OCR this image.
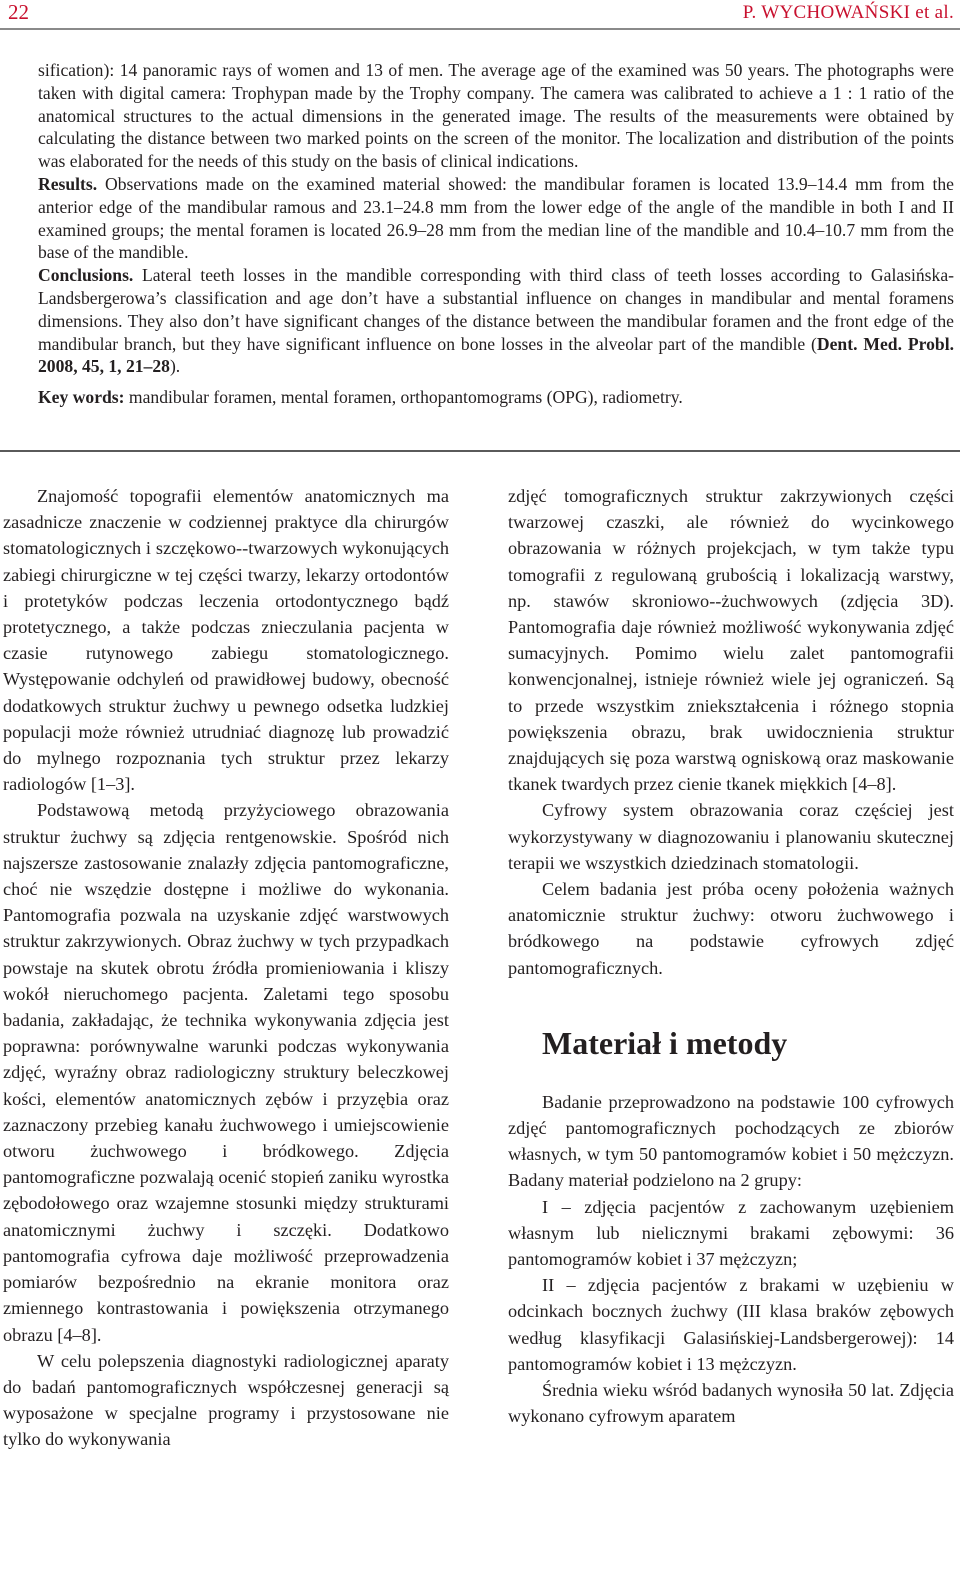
22	P. WYCHOWAŃSKI et al.

sification): 14 panoramic rays of women and 13 of men. The average age of the examined was 50 years. The photographs were taken with digital camera: Trophypan made by the Trophy company. The camera was calibrated to achieve a 1 : 1 ratio of the anatomical structures to the actual dimensions in the generated image. The results of the measurements were obtained by calculating the distance between two marked points on the screen of the monitor. The localization and distribution of the points was elaborated for the needs of this study on the basis of clinical indications.

Results. Observations made on the examined material showed: the mandibular foramen is located 13.9–14.4 mm from the anterior edge of the mandibular ramous and 23.1–24.8 mm from the lower edge of the angle of the mandible in both I and II examined groups; the mental foramen is located 26.9–28 mm from the median line of the mandible and 10.4–10.7 mm from the base of the mandible.

Conclusions. Lateral teeth losses in the mandible corresponding with third class of teeth losses according to Galasińska-Landsbergerowa’s classification and age don’t have a substantial influence on changes in mandibular and mental foramens dimensions. They also don’t have significant changes of the distance between the mandibular foramen and the front edge of the mandibular branch, but they have significant influence on bone losses in the alveolar part of the mandible (Dent. Med. Probl. 2008, 45, 1, 21–28).

Key words: mandibular foramen, mental foramen, orthopantomograms (OPG), radiometry.

Znajomość topografii elementów anatomicznych ma zasadnicze znaczenie w codziennej praktyce dla chirurgów stomatologicznych i szczękowo--twarzowych wykonujących zabiegi chirurgiczne w tej części twarzy, lekarzy ortodontów i protetyków podczas leczenia ortodontycznego bądź protetycznego, a także podczas znieczulania pacjenta w czasie rutynowego zabiegu stomatologicznego. Występowanie odchyleń od prawidłowej budowy, obecność dodatkowych struktur żuchwy u pewnego odsetka ludzkiej populacji może również utrudniać diagnozę lub prowadzić do mylnego rozpoznania tych struktur przez lekarzy radiologów [1–3].

Podstawową metodą przyżyciowego obrazowania struktur żuchwy są zdjęcia rentgenowskie. Spośród nich najszersze zastosowanie znalazły zdjęcia pantomograficzne, choć nie wszędzie dostępne i możliwe do wykonania. Pantomografia pozwala na uzyskanie zdjęć warstwowych struktur zakrzywionych. Obraz żuchwy w tych przypadkach powstaje na skutek obrotu źródła promieniowania i kliszy wokół nieruchomego pacjenta. Zaletami tego sposobu badania, zakładając, że technika wykonywania zdjęcia jest poprawna: porównywalne warunki podczas wykonywania zdjęć, wyraźny obraz radiologiczny struktury beleczkowej kości, elementów anatomicznych zębów i przyzębia oraz zaznaczony przebieg kanału żuchwowego i umiejscowienie otworu żuchwowego i bródkowego. Zdjęcia pantomograficzne pozwalają ocenić stopień zaniku wyrostka zębodołowego oraz wzajemne stosunki między strukturami anatomicznymi żuchwy i szczęki. Dodatkowo pantomografia cyfrowa daje możliwość przeprowadzenia pomiarów bezpośrednio na ekranie monitora oraz zmiennego kontrastowania i powiększenia otrzymanego obrazu [4–8].

W celu polepszenia diagnostyki radiologicznej aparaty do badań pantomograficznych współczesnej generacji są wyposażone w specjalne programy i przystosowane nie tylko do wykonywania

zdjęć tomograficznych struktur zakrzywionych części twarzowej czaszki, ale również do wycinkowego obrazowania w różnych projekcjach, w tym także typu tomografii z regulowaną grubością i lokalizacją warstwy, np. stawów skroniowo--żuchwowych (zdjęcia 3D). Pantomografia daje również możliwość wykonywania zdjęć sumacyjnych. Pomimo wielu zalet pantomografii konwencjonalnej, istnieje również wiele jej ograniczeń. Są to przede wszystkim zniekształcenia i różnego stopnia powiększenia obrazu, brak uwidocznienia struktur znajdujących się poza warstwą ogniskową oraz maskowanie tkanek twardych przez cienie tkanek miękkich [4–8].

Cyfrowy system obrazowania coraz częściej jest wykorzystywany w diagnozowaniu i planowaniu skutecznej terapii we wszystkich dziedzinach stomatologii.

Celem badania jest próba oceny położenia ważnych anatomicznie struktur żuchwy: otworu żuchwowego i bródkowego na podstawie cyfrowych zdjęć pantomograficznych.

Materiał i metody

Badanie przeprowadzono na podstawie 100 cyfrowych zdjęć pantomograficznych pochodzących ze zbiorów własnych, w tym 50 pantomogramów kobiet i 50 mężczyzn. Badany materiał podzielono na 2 grupy:

I – zdjęcia pacjentów z zachowanym uzębieniem własnym lub nielicznymi brakami zębowymi: 36 pantomogramów kobiet i 37 mężczyzn;

II – zdjęcia pacjentów z brakami w uzębieniu w odcinkach bocznych żuchwy (III klasa braków zębowych według klasyfikacji Galasińskiej-Landsbergerowej): 14 pantomogramów kobiet i 13 mężczyzn.

Średnia wieku wśród badanych wynosiła 50 lat. Zdjęcia wykonano cyfrowym aparatem
